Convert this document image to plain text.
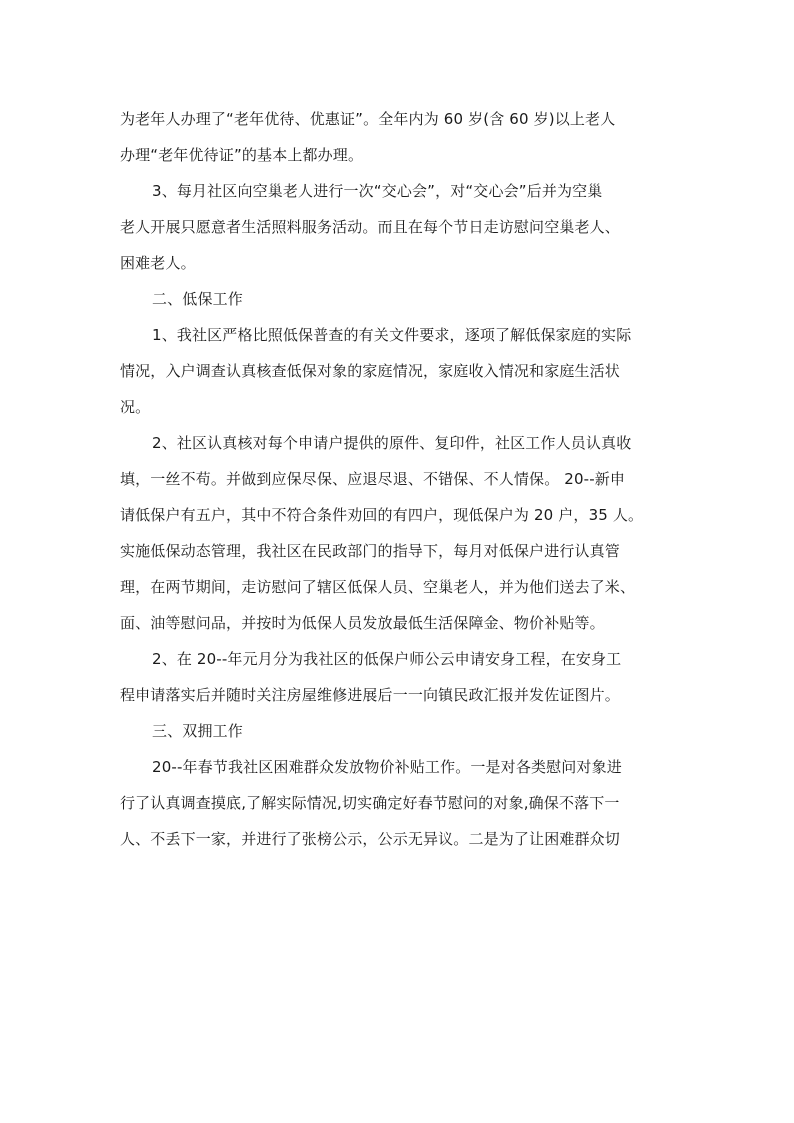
为老年人办理了“老年优待、优惠证”。全年内为 60 岁(含 60 岁)以上老人
办理“老年优待证”的基本上都办理。
3、每月社区向空巢老人进行一次“交心会”，对“交心会”后并为空巢
老人开展只愿意者生活照料服务活动。而且在每个节日走访慰问空巢老人、
困难老人。
二、低保工作
1、我社区严格比照低保普查的有关文件要求，逐项了解低保家庭的实际
情况，入户调查认真核查低保对象的家庭情况，家庭收入情况和家庭生活状
况。
2、社区认真核对每个申请户提供的原件、复印件，社区工作人员认真收
填，一丝不苟。并做到应保尽保、应退尽退、不错保、不人情保。 20--新申
请低保户有五户，其中不符合条件劝回的有四户，现低保户为 20 户，35 人。
实施低保动态管理，我社区在民政部门的指导下，每月对低保户进行认真管
理，在两节期间，走访慰问了辖区低保人员、空巢老人，并为他们送去了米、
面、油等慰问品，并按时为低保人员发放最低生活保障金、物价补贴等。
2、在 20--年元月分为我社区的低保户师公云申请安身工程，在安身工
程申请落实后并随时关注房屋维修进展后一一向镇民政汇报并发佐证图片。
三、双拥工作
20--年春节我社区困难群众发放物价补贴工作。一是对各类慰问对象进
行了认真调查摸底,了解实际情况,切实确定好春节慰问的对象,确保不落下一
人、不丢下一家，并进行了张榜公示，公示无异议。二是为了让困难群众切
